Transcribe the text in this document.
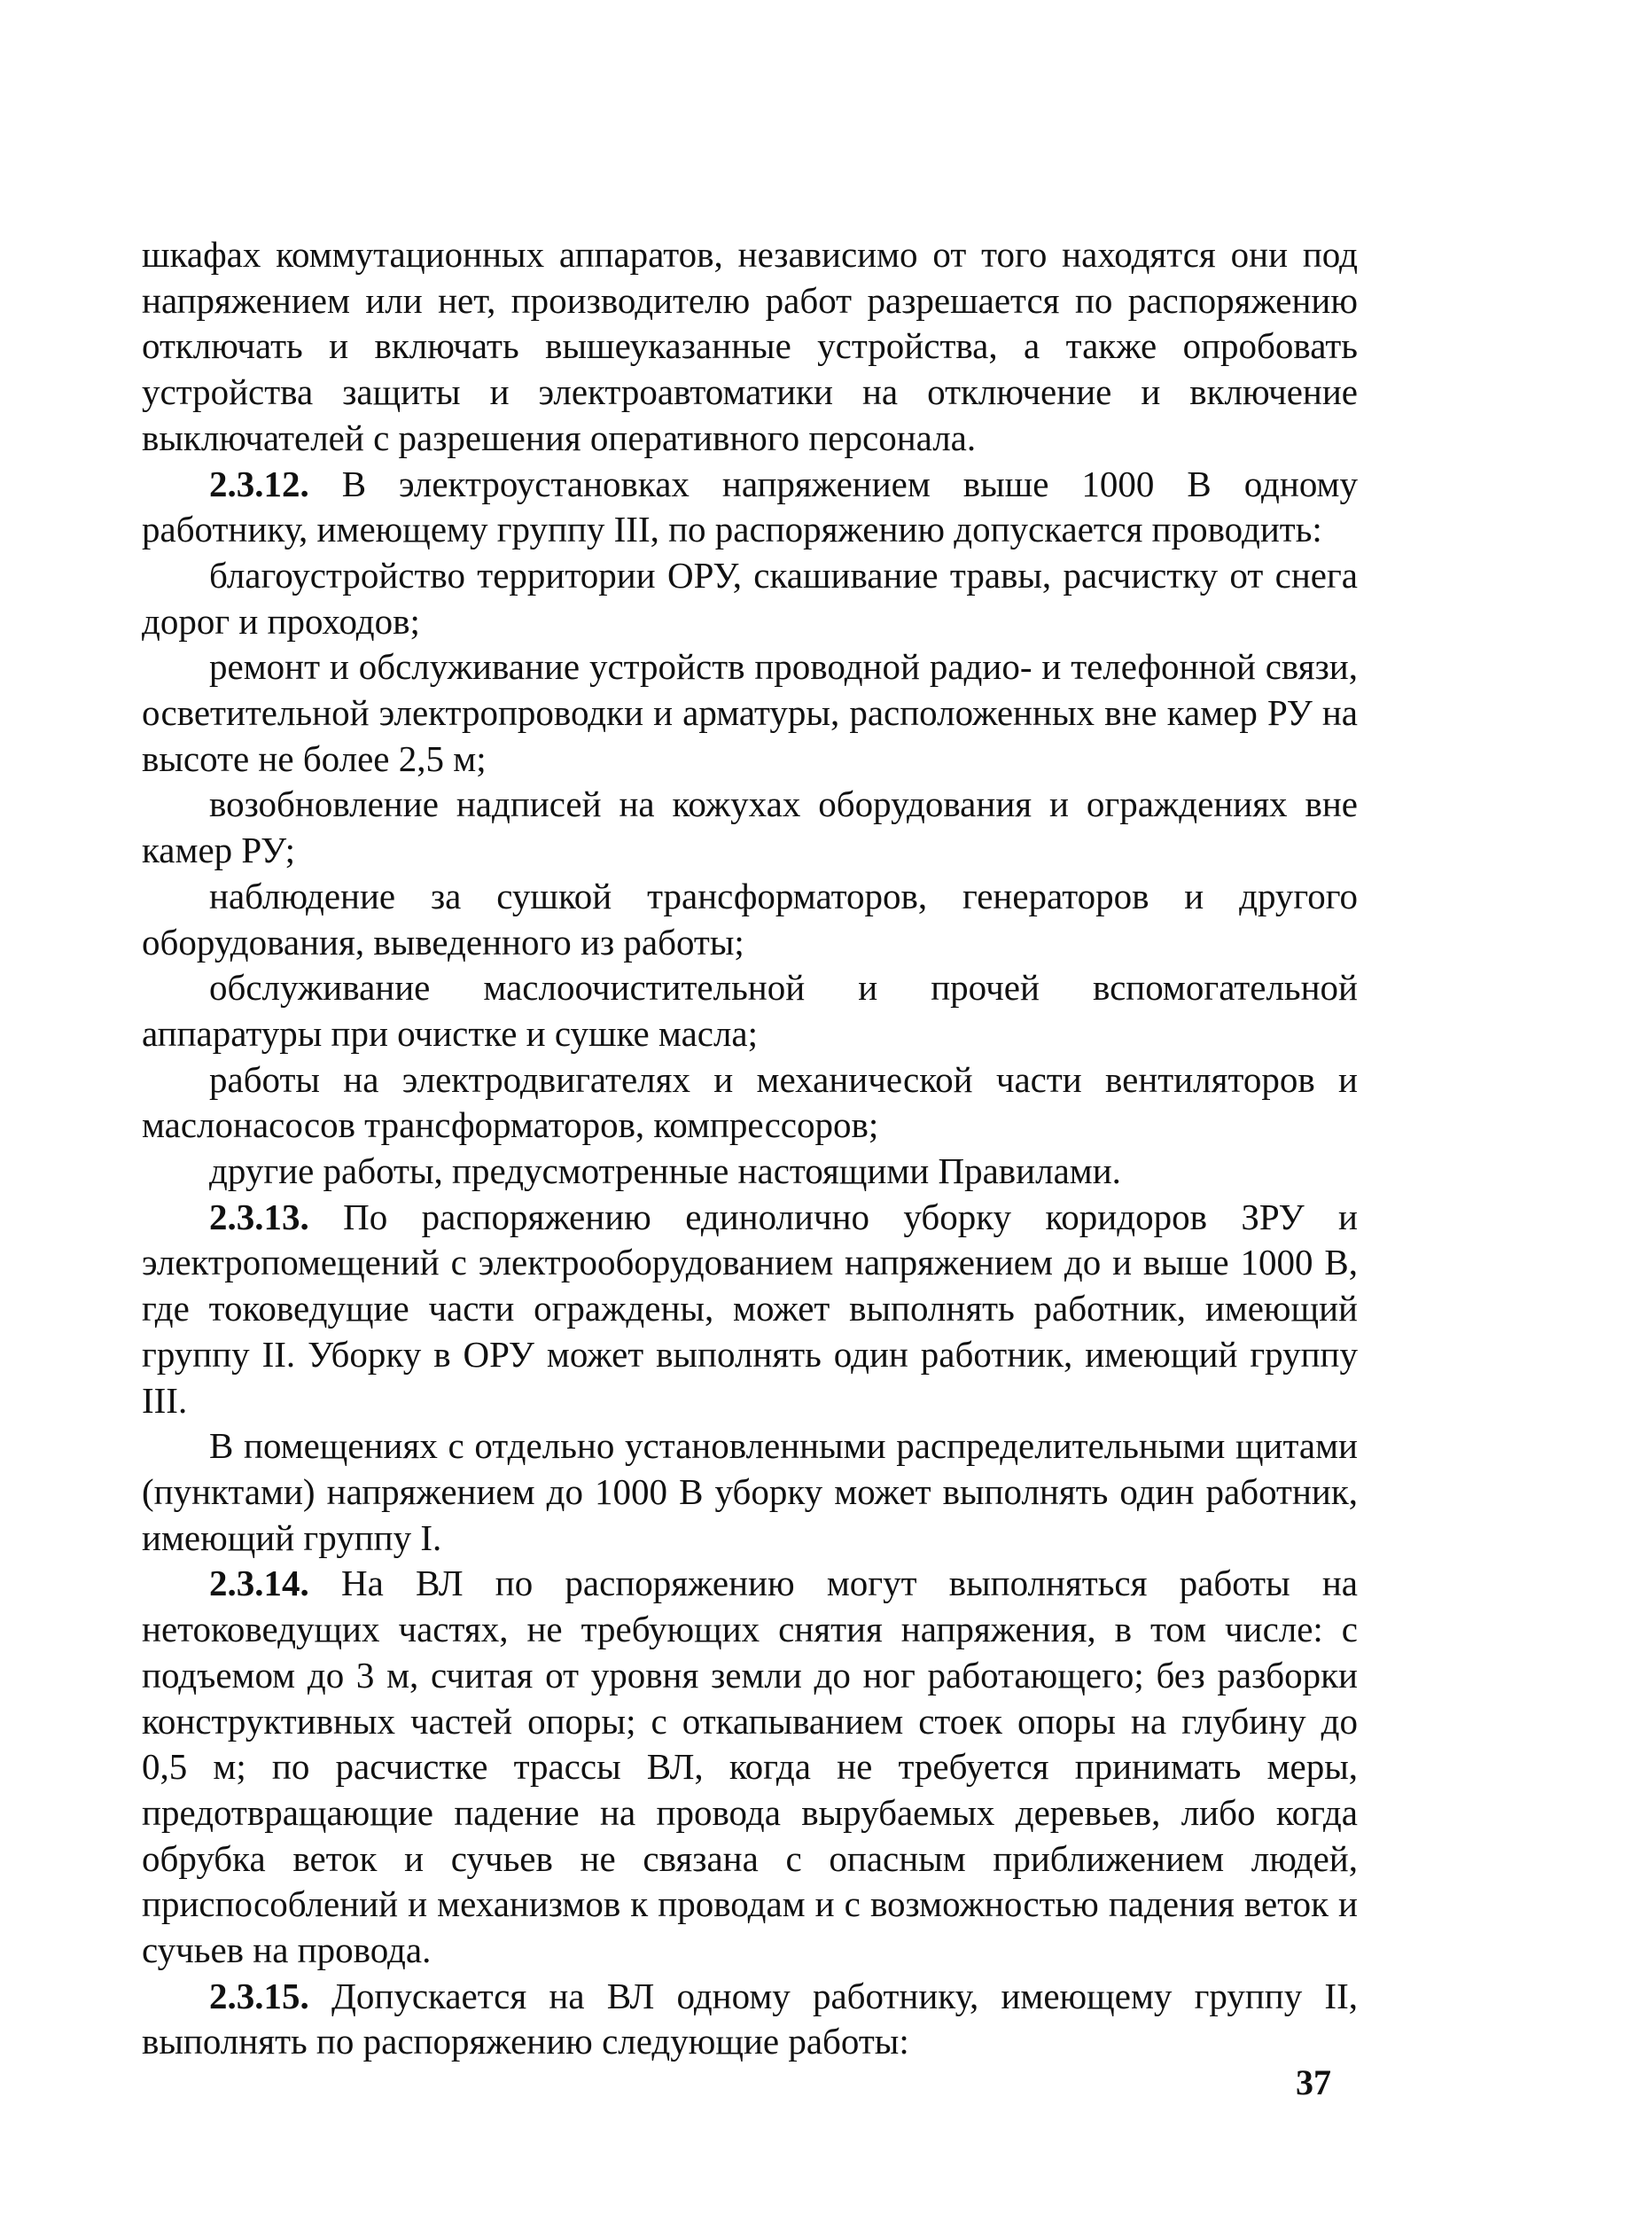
шкафах коммутационных аппаратов, независимо от того находятся они под напряжением или нет, производителю работ разрешается по распоряжению отключать и включать вышеуказанные устройства, а также опробовать устройства защиты и электроавтоматики на отключение и включение выключателей с разрешения оперативного персонала.

2.3.12. В электроустановках напряжением выше 1000 В одному работнику, имеющему группу III, по распоряжению допускается проводить:

благоустройство территории ОРУ, скашивание травы, расчистку от снега дорог и проходов;

ремонт и обслуживание устройств проводной радио- и телефонной связи, осветительной электропроводки и арматуры, расположенных вне камер РУ на высоте не более 2,5 м;

возобновление надписей на кожухах оборудования и ограждениях вне камер РУ;

наблюдение за сушкой трансформаторов, генераторов и другого оборудования, выведенного из работы;

обслуживание маслоочистительной и прочей вспомогательной аппаратуры при очистке и сушке масла;

работы на электродвигателях и механической части вентиляторов и маслонасосов трансформаторов, компрессоров;

другие работы, предусмотренные настоящими Правилами.

2.3.13. По распоряжению единолично уборку коридоров ЗРУ и электропомещений с электрооборудованием напряжением до и выше 1000 В, где токоведущие части ограждены, может выполнять работник, имеющий группу II. Уборку в ОРУ может выполнять один работник, имеющий группу III.

В помещениях с отдельно установленными распределительными щитами (пунктами) напряжением до 1000 В уборку может выполнять один работник, имеющий группу I.

2.3.14. На ВЛ по распоряжению могут выполняться работы на нетоковедущих частях, не требующих снятия напряжения, в том числе: с подъемом до 3 м, считая от уровня земли до ног работающего; без разборки конструктивных частей опоры; с откапыванием стоек опоры на глубину до 0,5 м; по расчистке трассы ВЛ, когда не требуется принимать меры, предотвращающие падение на провода вырубаемых деревьев, либо когда обрубка веток и сучьев не связана с опасным приближением людей, приспособлений и механизмов к проводам и с возможностью падения веток и сучьев на провода.

2.3.15. Допускается на ВЛ одному работнику, имеющему группу II, выполнять по распоряжению следующие работы:

37
